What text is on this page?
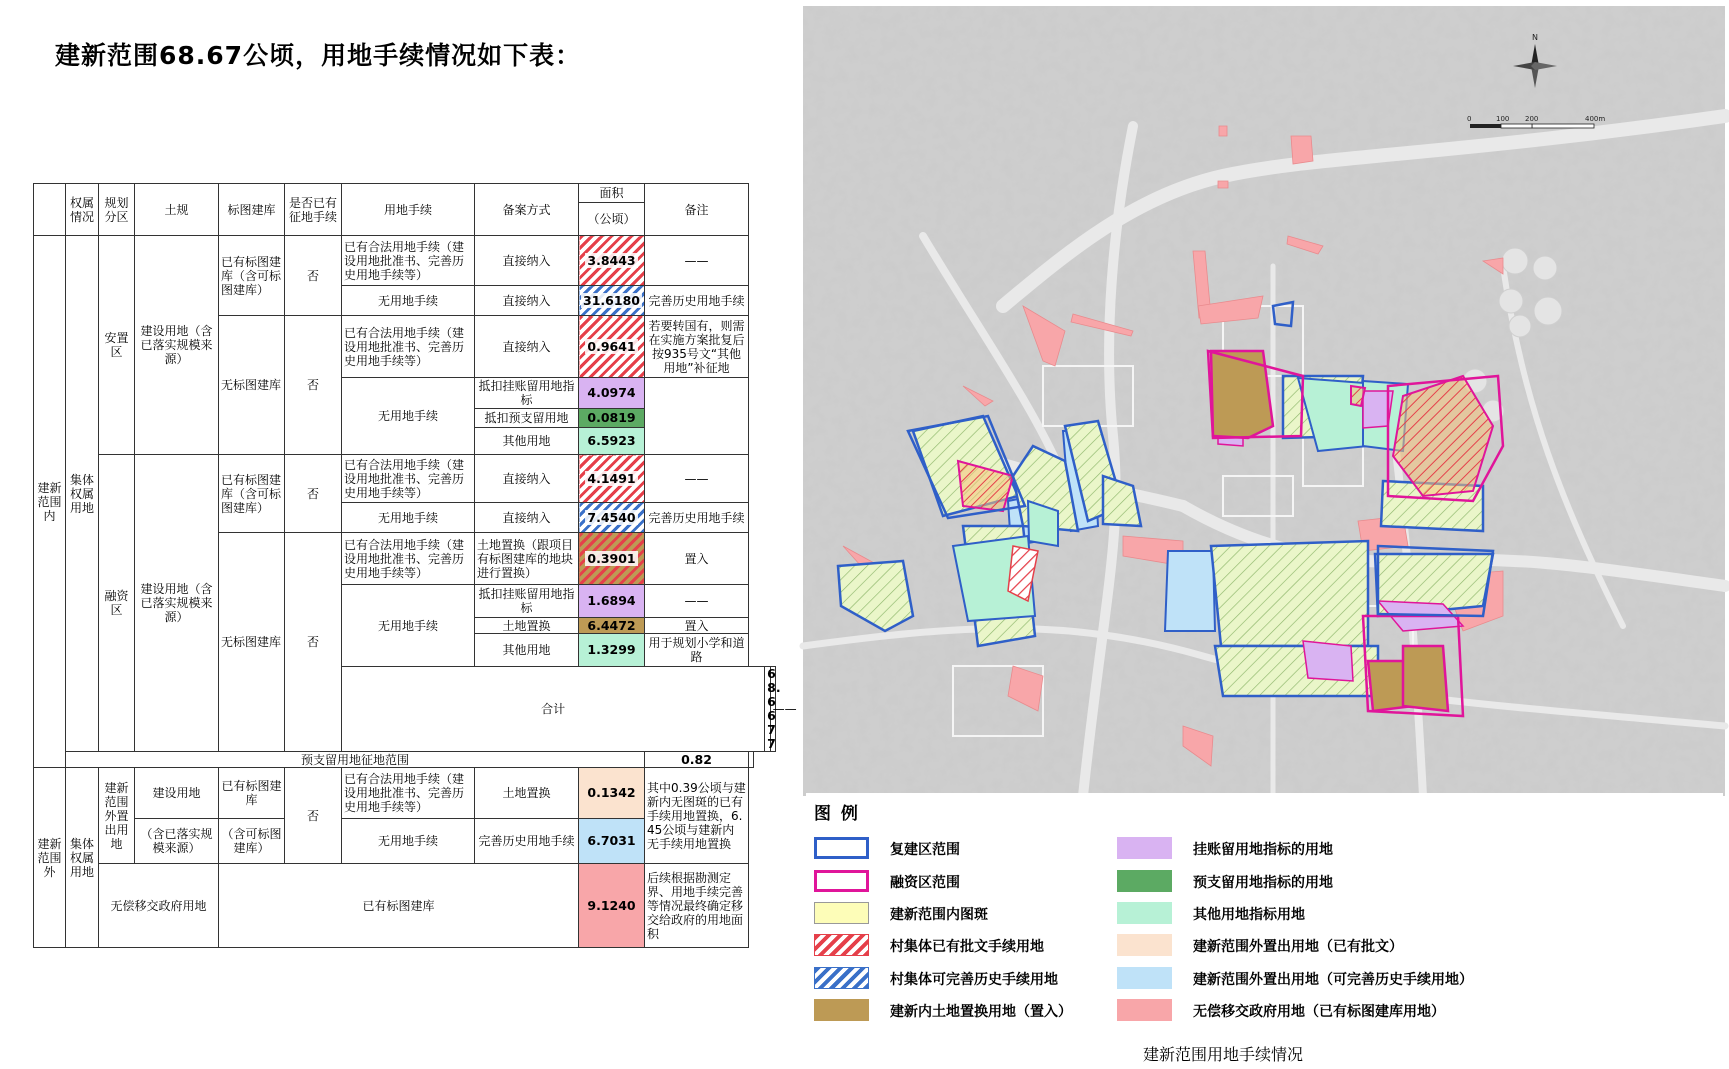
建新范围68.67公顷，用地手续情况如下表：
	权属情况	规划分区	土规	标图建库	是否已有征地手续	用地手续	备案方式	面积	备注			
								（公顷）				
建新范围内	集体权属用地	安置区	建设用地（含已落实规模来源）	已有标图建库（含可标图建库）	否	已有合法用地手续（建设用地批准书、完善历史用地手续等）	直接纳入	3.8443	——			
						无用地手续	直接纳入	31.6180	完善历史用地手续			
				无标图建库	否	已有合法用地手续（建设用地批准书、完善历史用地手续等）	直接纳入	0.9641	若要转国有，则需在实施方案批复后按935号文“其他用地”补征地			
						无用地手续	抵扣挂账留用地指标	4.0974				
							抵扣预支留用地	0.0819				
							其他用地	6.5923				
		融资区	建设用地（含已落实规模来源）	已有标图建库（含可标图建库）	否	已有合法用地手续（建设用地批准书、完善历史用地手续等）	直接纳入	4.1491	——			
						无用地手续	直接纳入	7.4540	完善历史用地手续			
				无标图建库	否	已有合法用地手续（建设用地批准书、完善历史用地手续等）	土地置换（跟项目有标图建库的地块进行置换）	0.3901	置入			
						无用地手续	抵扣挂账留用地指标	1.6894	——			
							土地置换	6.4472	置入			
							其他用地	1.3299	用于规划小学和道路			
						合计					68.6677	——
	预支留用地征地范围								0.82			
建新范围外	集体权属用地	建新范围外置出用地	建设用地	已有标图建库	否	已有合法用地手续（建设用地批准书、完善历史用地手续等）	土地置换	0.1342	其中0.39公顷与建新内无图斑的已有手续用地置换，6.45公顷与建新内无手续用地置换			
			（含已落实规模来源）	（含可标图建库）		无用地手续	完善历史用地手续	6.7031				
		无偿移交政府用地		已有标图建库				9.1240	后续根据勘测定界、用地手续完善等情况最终确定移交给政府的用地面积			
N
0	100 200	400m
图 例
复建区范围
融资区范围
建新范围内图斑
村集体已有批文手续用地
村集体可完善历史手续用地
建新内土地置换用地（置入）
挂账留用地指标的用地
预支留用地指标的用地
其他用地指标用地
建新范围外置出用地（已有批文）
建新范围外置出用地（可完善历史手续用地）
无偿移交政府用地（已有标图建库用地）
建新范围用地手续情况
